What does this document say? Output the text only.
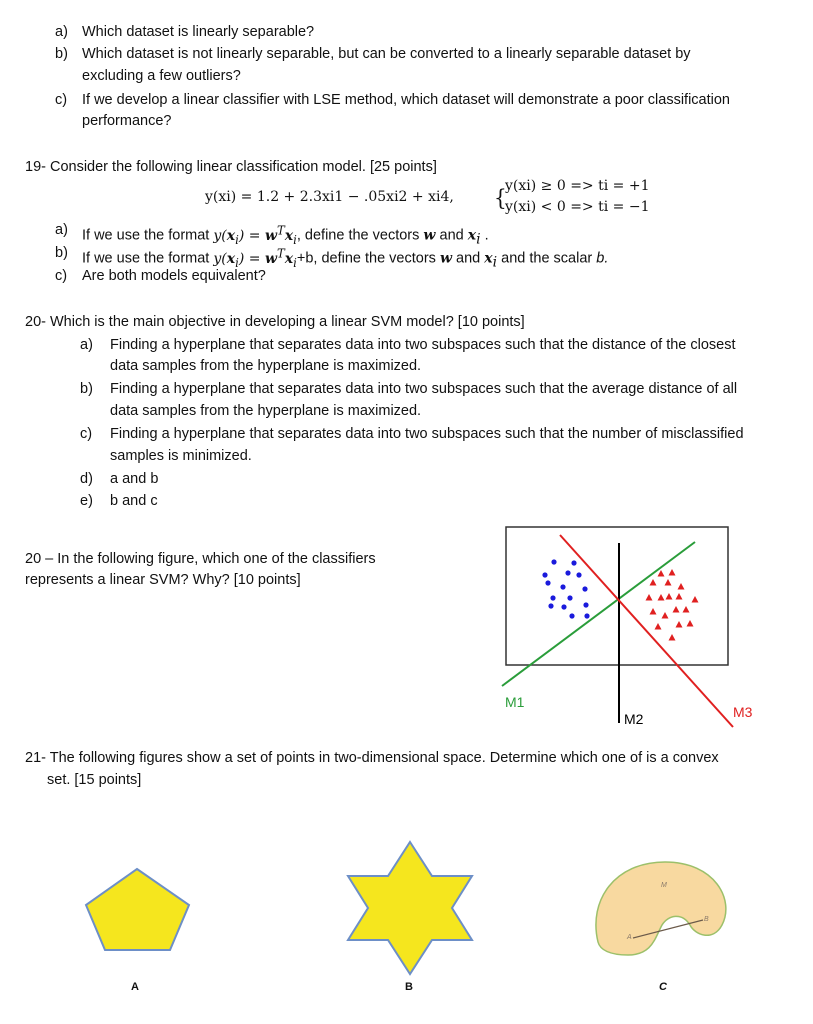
a) Which dataset is linearly separable?
b) Which dataset is not linearly separable, but can be converted to a linearly separable dataset by
excluding a few outliers?
c) If we develop a linear classifier with LSE method, which dataset will demonstrate a poor classification
performance?
19- Consider the following linear classification model. [25 points]
y(xi) = 1.2 + 2.3xi1 − .05xi2 + xi4, {
y(xi) ≥ 0 => ti = +1
y(xi) < 0 => ti = −1
a) If we use the format $y(x_i) = w^Tx_i$, define the vectors w and $x_i$ .
b) If we use the format $y(x_i) = w^Tx_i+b$, define the vectors w and $x_i$ and the scalar b.
c) Are both models equivalent?
20- Which is the main objective in developing a linear SVM model? [10 points]
a) Finding a hyperplane that separates data into two subspaces such that the distance of the closest
data samples from the hyperplane is maximized.
b) Finding a hyperplane that separates data into two subspaces such that the average distance of all
data samples from the hyperplane is maximized.
c) Finding a hyperplane that separates data into two subspaces such that the number of misclassified
samples is minimized.
d) a and b
e) b and c
20 – In the following figure, which one of the classifiers
represents a linear SVM? Why? [10 points]
M1
M2	M3
21- The following figures show a set of points in two-dimensional space. Determine which one of is a convex
set. [15 points]
A	B	C
M
A
B
